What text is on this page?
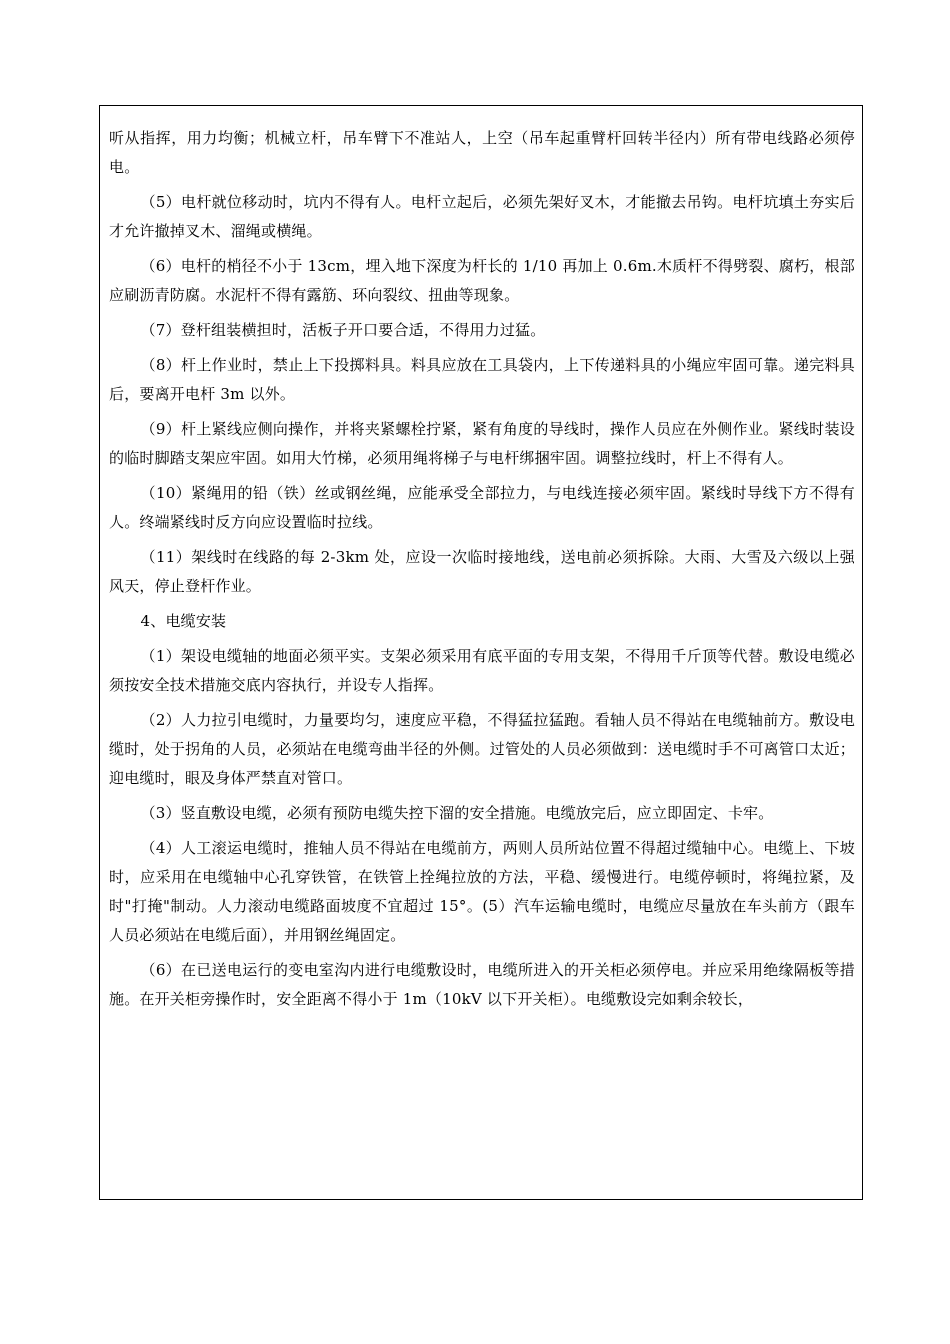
听从指挥，用力均衡；机械立杆，吊车臂下不准站人，上空（吊车起重臂杆回转半径内）所有带电线路必须停电。

（5）电杆就位移动时，坑内不得有人。电杆立起后，必须先架好叉木，才能撤去吊钩。电杆坑填土夯实后才允许撤掉叉木、溜绳或横绳。

（6）电杆的梢径不小于 13cm，埋入地下深度为杆长的 1/10 再加上 0.6m.木质杆不得劈裂、腐朽，根部应刷沥青防腐。水泥杆不得有露筋、环向裂纹、扭曲等现象。

（7）登杆组装横担时，活板子开口要合适，不得用力过猛。

（8）杆上作业时，禁止上下投掷料具。料具应放在工具袋内，上下传递料具的小绳应牢固可靠。递完料具后，要离开电杆 3m 以外。

（9）杆上紧线应侧向操作，并将夹紧螺栓拧紧，紧有角度的导线时，操作人员应在外侧作业。紧线时装设的临时脚踏支架应牢固。如用大竹梯，必须用绳将梯子与电杆绑捆牢固。调整拉线时，杆上不得有人。

（10）紧绳用的铅（铁）丝或钢丝绳，应能承受全部拉力，与电线连接必须牢固。紧线时导线下方不得有人。终端紧线时反方向应设置临时拉线。

（11）架线时在线路的每 2-3km 处，应设一次临时接地线，送电前必须拆除。大雨、大雪及六级以上强风天，停止登杆作业。

4、电缆安装

（1）架设电缆轴的地面必须平实。支架必须采用有底平面的专用支架，不得用千斤顶等代替。敷设电缆必须按安全技术措施交底内容执行，并设专人指挥。

（2）人力拉引电缆时，力量要均匀，速度应平稳，不得猛拉猛跑。看轴人员不得站在电缆轴前方。敷设电缆时，处于拐角的人员，必须站在电缆弯曲半径的外侧。过管处的人员必须做到：送电缆时手不可离管口太近；迎电缆时，眼及身体严禁直对管口。

（3）竖直敷设电缆，必须有预防电缆失控下溜的安全措施。电缆放完后，应立即固定、卡牢。

（4）人工滚运电缆时，推轴人员不得站在电缆前方，两则人员所站位置不得超过缆轴中心。电缆上、下坡时，应采用在电缆轴中心孔穿铁管，在铁管上拴绳拉放的方法，平稳、缓慢进行。电缆停顿时，将绳拉紧，及时"打掩"制动。人力滚动电缆路面坡度不宜超过 15°。(5）汽车运输电缆时，电缆应尽量放在车头前方（跟车人员必须站在电缆后面），并用钢丝绳固定。

（6）在已送电运行的变电室沟内进行电缆敷设时，电缆所进入的开关柜必须停电。并应采用绝缘隔板等措施。在开关柜旁操作时，安全距离不得小于 1m（10kV 以下开关柜）。电缆敷设完如剩余较长，
